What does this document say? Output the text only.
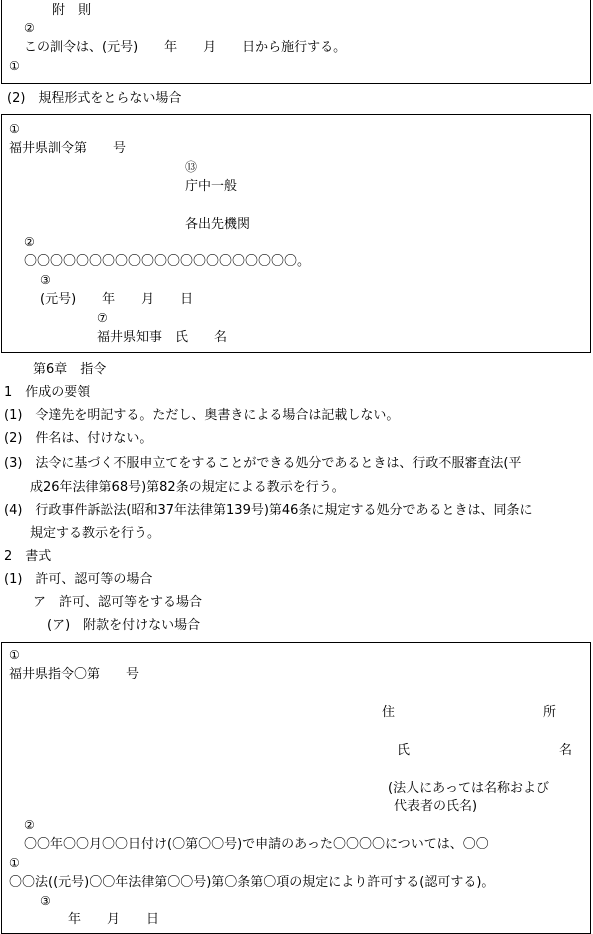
附　則
②
この訓令は、(元号)　　年　　月　　日から施行する。
①
(2)　規程形式をとらない場合
①
福井県訓令第　　号
⑬
庁中一般
各出先機関
②
〇〇〇〇〇〇〇〇〇〇〇〇〇〇〇〇〇〇〇〇〇。
③
(元号)　　年　　月　　日
⑦
福井県知事　氏　　名
第6章　指令
1　作成の要領
(1)　令達先を明記する。ただし、奥書きによる場合は記載しない。
(2)　件名は、付けない。
(3)　法令に基づく不服申立てをすることができる処分であるときは、行政不服審査法(平
成26年法律第68号)第82条の規定による教示を行う。
(4)　行政事件訴訟法(昭和37年法律第139号)第46条に規定する処分であるときは、同条に
規定する教示を行う。
2　書式
(1)　許可、認可等の場合
ア　許可、認可等をする場合
(ア)　附款を付けない場合
①
福井県指令〇第　　号
住	所
氏	名
(法人にあっては名称および
代表者の氏名)
②
〇〇年〇〇月〇〇日付け(〇第〇〇号)で申請のあった〇〇〇〇については、〇〇
①
〇〇法((元号)〇〇年法律第〇〇号)第〇条第〇項の規定により許可する(認可する)。
③
年　　月　　日
